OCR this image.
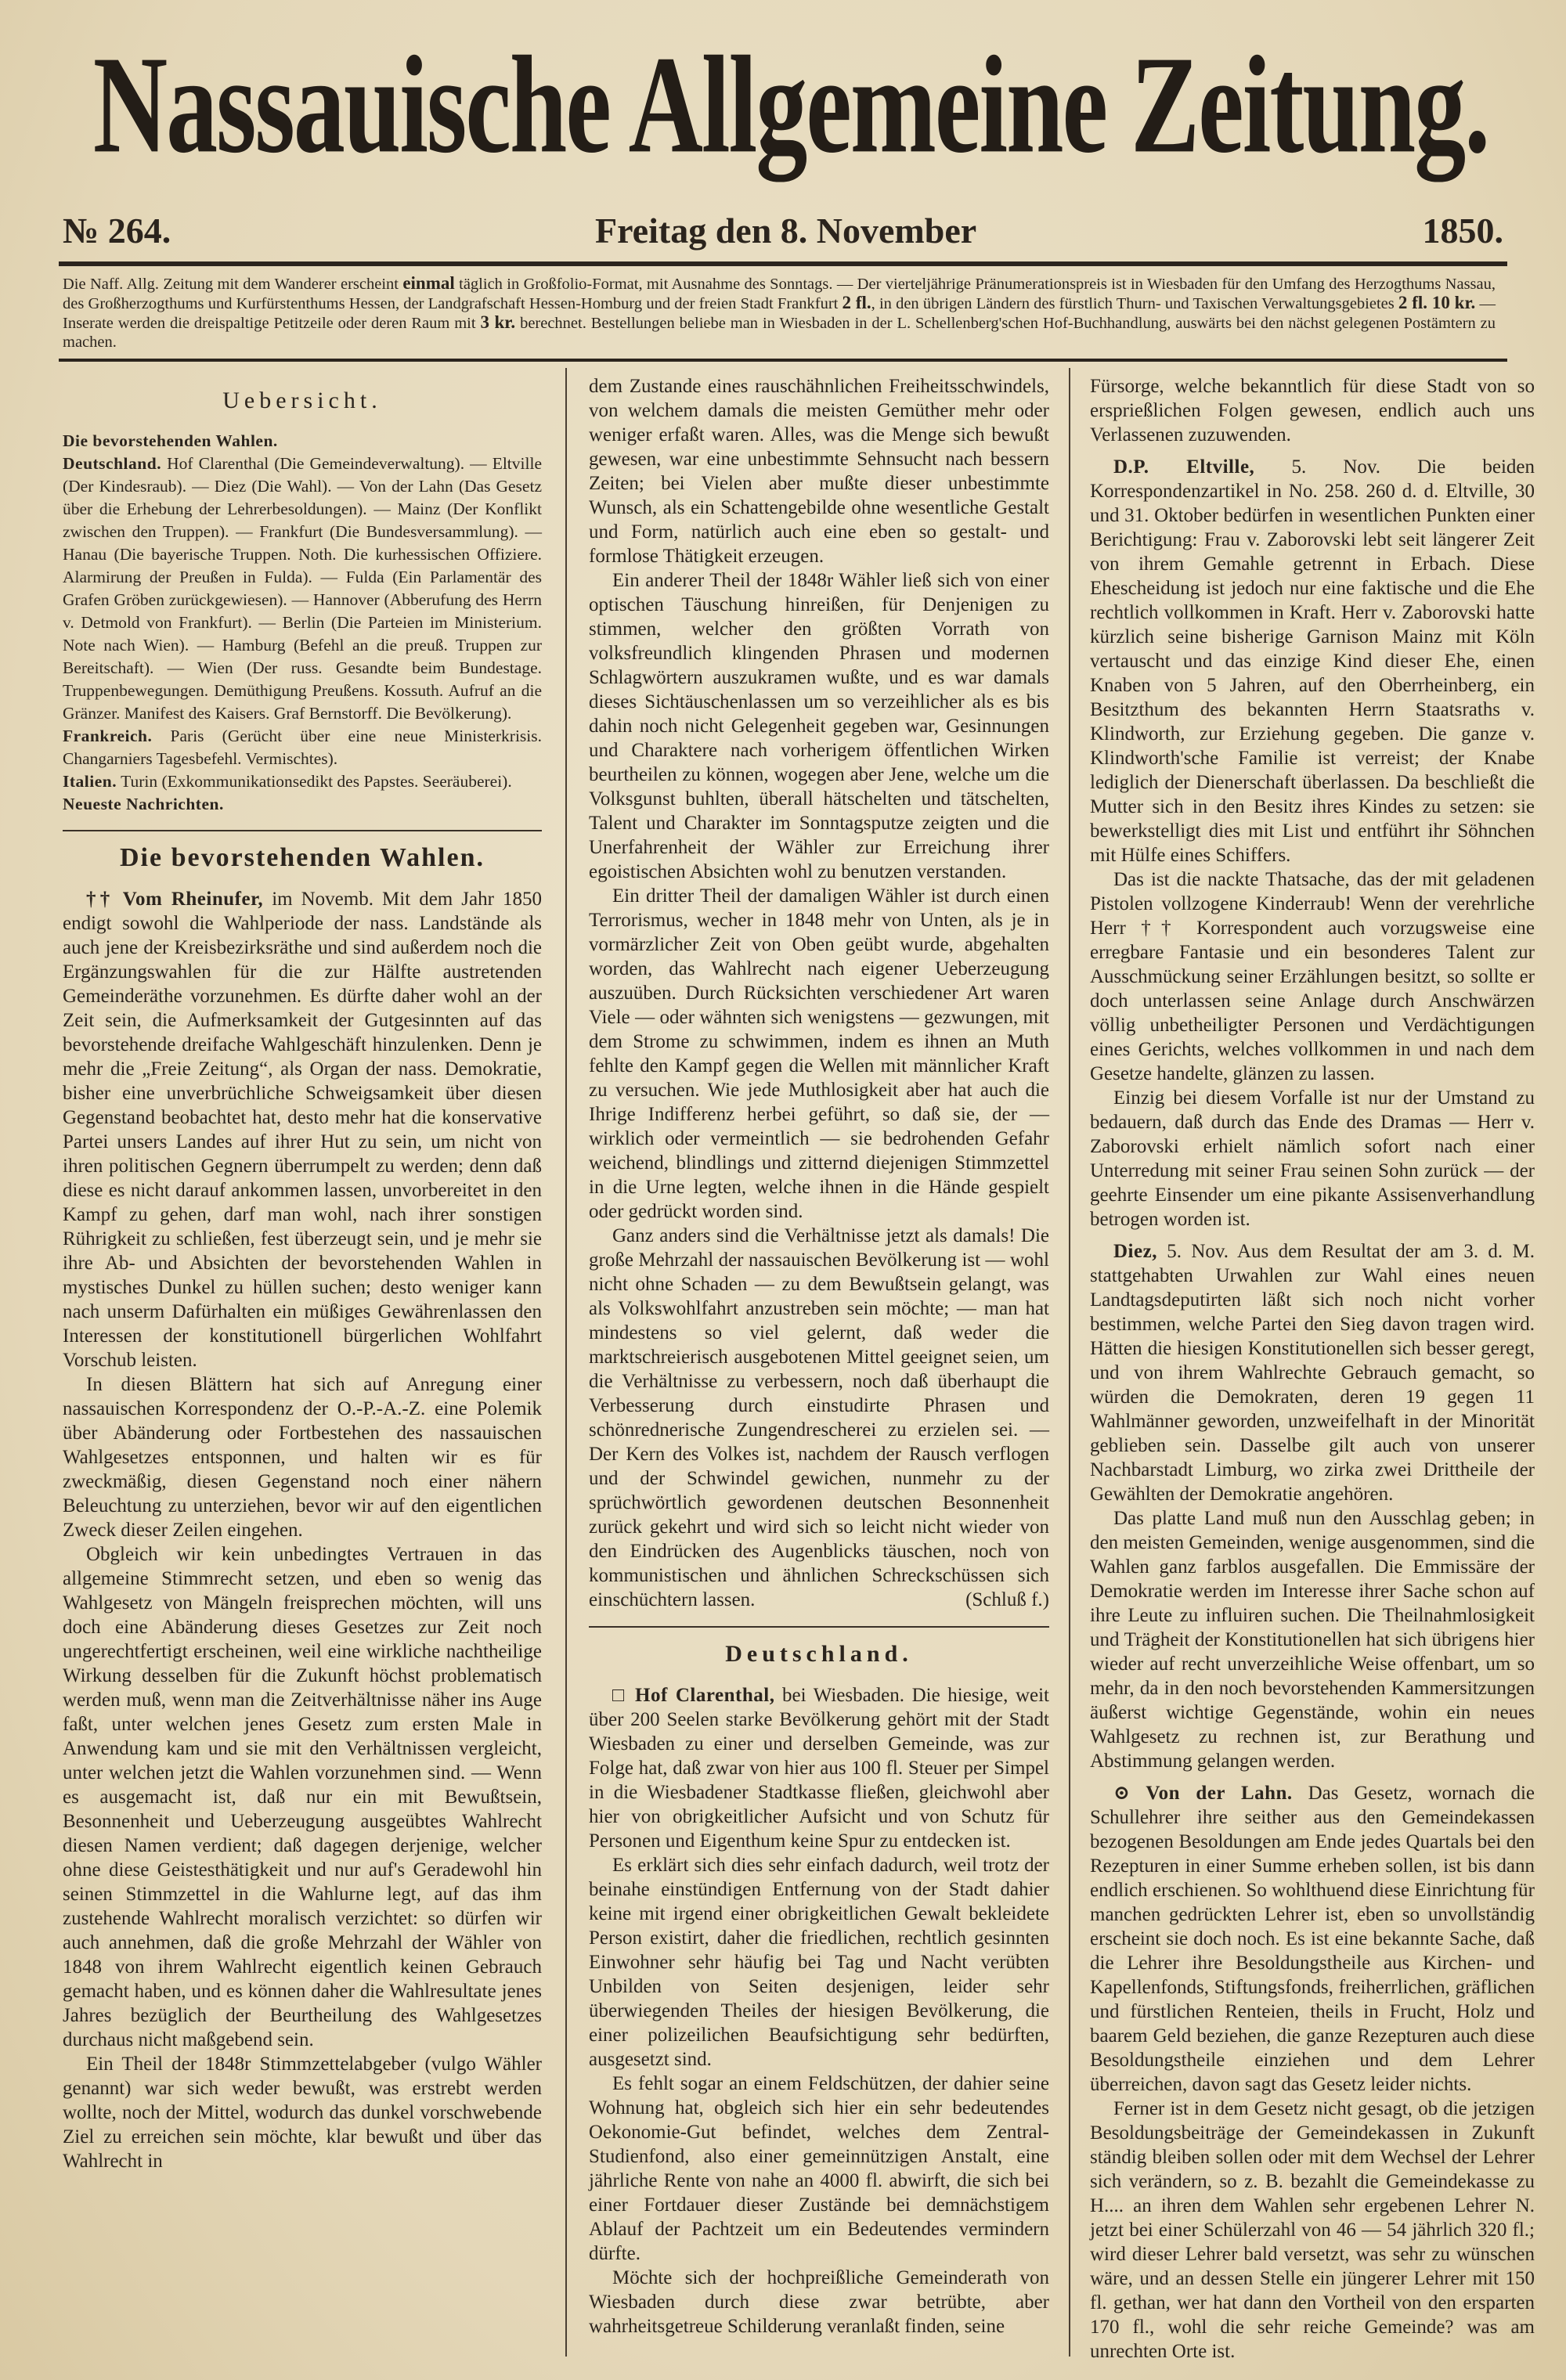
Nassauische Allgemeine Zeitung.
№ 264.	Freitag den 8. November	1850.
Die Naff. Allg. Zeitung mit dem Wanderer erscheint einmal täglich in Großfolio-Format, mit Ausnahme des Sonntags. — Der vierteljährige Pränumerationspreis ist in Wiesbaden für den Umfang des Herzogthums Nassau, des Großherzogthums und Kurfürstenthums Hessen, der Landgrafschaft Hessen-Homburg und der freien Stadt Frankfurt 2 fl., in den übrigen Ländern des fürstlich Thurn- und Taxischen Verwaltungsgebietes 2 fl. 10 kr. — Inserate werden die dreispaltige Petitzeile oder deren Raum mit 3 kr. berechnet. Bestellungen beliebe man in Wiesbaden in der L. Schellenberg'schen Hof-Buchhandlung, auswärts bei den nächst gelegenen Postämtern zu machen.
Uebersicht.

Die bevorstehenden Wahlen.

Deutschland. Hof Clarenthal (Die Gemeindeverwaltung). — Eltville (Der Kindesraub). — Diez (Die Wahl). — Von der Lahn (Das Gesetz über die Erhebung der Lehrerbesoldungen). — Mainz (Der Konflikt zwischen den Truppen). — Frankfurt (Die Bundesversammlung). — Hanau (Die bayerische Truppen. Noth. Die kurhessischen Offiziere. Alarmirung der Preußen in Fulda). — Fulda (Ein Parlamentär des Grafen Gröben zurückgewiesen). — Hannover (Abberufung des Herrn v. Detmold von Frankfurt). — Berlin (Die Parteien im Ministerium. Note nach Wien). — Hamburg (Befehl an die preuß. Truppen zur Bereitschaft). — Wien (Der russ. Gesandte beim Bundestage. Truppenbewegungen. Demüthigung Preußens. Kossuth. Aufruf an die Gränzer. Manifest des Kaisers. Graf Bernstorff. Die Bevölkerung).

Frankreich. Paris (Gerücht über eine neue Ministerkrisis. Changarniers Tagesbefehl. Vermischtes).

Italien. Turin (Exkommunikationsedikt des Papstes. Seeräuberei).

Neueste Nachrichten.

Die bevorstehenden Wahlen.

†† Vom Rheinufer, im Novemb. Mit dem Jahr 1850 endigt sowohl die Wahlperiode der nass. Landstände als auch jene der Kreisbezirksräthe und sind außerdem noch die Ergänzungswahlen für die zur Hälfte austretenden Gemeinderäthe vorzunehmen. Es dürfte daher wohl an der Zeit sein, die Aufmerksamkeit der Gutgesinnten auf das bevorstehende dreifache Wahlgeschäft hinzulenken. Denn je mehr die „Freie Zeitung“, als Organ der nass. Demokratie, bisher eine unverbrüchliche Schweigsamkeit über diesen Gegenstand beobachtet hat, desto mehr hat die konservative Partei unsers Landes auf ihrer Hut zu sein, um nicht von ihren politischen Gegnern überrumpelt zu werden; denn daß diese es nicht darauf ankommen lassen, unvorbereitet in den Kampf zu gehen, darf man wohl, nach ihrer sonstigen Rührigkeit zu schließen, fest überzeugt sein, und je mehr sie ihre Ab- und Absichten der bevorstehenden Wahlen in mystisches Dunkel zu hüllen suchen; desto weniger kann nach unserm Dafürhalten ein müßiges Gewährenlassen den Interessen der konstitutionell bürgerlichen Wohlfahrt Vorschub leisten.

In diesen Blättern hat sich auf Anregung einer nassauischen Korrespondenz der O.-P.-A.-Z. eine Polemik über Abänderung oder Fortbestehen des nassauischen Wahlgesetzes entsponnen, und halten wir es für zweckmäßig, diesen Gegenstand noch einer nähern Beleuchtung zu unterziehen, bevor wir auf den eigentlichen Zweck dieser Zeilen eingehen.

Obgleich wir kein unbedingtes Vertrauen in das allgemeine Stimmrecht setzen, und eben so wenig das Wahlgesetz von Mängeln freisprechen möchten, will uns doch eine Abänderung dieses Gesetzes zur Zeit noch ungerechtfertigt erscheinen, weil eine wirkliche nachtheilige Wirkung desselben für die Zukunft höchst problematisch werden muß, wenn man die Zeitverhältnisse näher ins Auge faßt, unter welchen jenes Gesetz zum ersten Male in Anwendung kam und sie mit den Verhältnissen vergleicht, unter welchen jetzt die Wahlen vorzunehmen sind. — Wenn es ausgemacht ist, daß nur ein mit Bewußtsein, Besonnenheit und Ueberzeugung ausgeübtes Wahlrecht diesen Namen verdient; daß dagegen derjenige, welcher ohne diese Geistesthätigkeit und nur auf's Geradewohl hin seinen Stimmzettel in die Wahlurne legt, auf das ihm zustehende Wahlrecht moralisch verzichtet: so dürfen wir auch annehmen, daß die große Mehrzahl der Wähler von 1848 von ihrem Wahlrecht eigentlich keinen Gebrauch gemacht haben, und es können daher die Wahlresultate jenes Jahres bezüglich der Beurtheilung des Wahlgesetzes durchaus nicht maßgebend sein.

Ein Theil der 1848r Stimmzettelabgeber (vulgo Wähler genannt) war sich weder bewußt, was erstrebt werden wollte, noch der Mittel, wodurch das dunkel vorschwebende Ziel zu erreichen sein möchte, klar bewußt und über das Wahlrecht in

dem Zustande eines rauschähnlichen Freiheitsschwindels, von welchem damals die meisten Gemüther mehr oder weniger erfaßt waren. Alles, was die Menge sich bewußt gewesen, war eine unbestimmte Sehnsucht nach bessern Zeiten; bei Vielen aber mußte dieser unbestimmte Wunsch, als ein Schattengebilde ohne wesentliche Gestalt und Form, natürlich auch eine eben so gestalt- und formlose Thätigkeit erzeugen.

Ein anderer Theil der 1848r Wähler ließ sich von einer optischen Täuschung hinreißen, für Denjenigen zu stimmen, welcher den größten Vorrath von volksfreundlich klingenden Phrasen und modernen Schlagwörtern auszukramen wußte, und es war damals dieses Sichtäuschenlassen um so verzeihlicher als es bis dahin noch nicht Gelegenheit gegeben war, Gesinnungen und Charaktere nach vorherigem öffentlichen Wirken beurtheilen zu können, wogegen aber Jene, welche um die Volksgunst buhlten, überall hätschelten und tätschelten, Talent und Charakter im Sonntagsputze zeigten und die Unerfahrenheit der Wähler zur Erreichung ihrer egoistischen Absichten wohl zu benutzen verstanden.

Ein dritter Theil der damaligen Wähler ist durch einen Terrorismus, wecher in 1848 mehr von Unten, als je in vormärzlicher Zeit von Oben geübt wurde, abgehalten worden, das Wahlrecht nach eigener Ueberzeugung auszuüben. Durch Rücksichten verschiedener Art waren Viele — oder wähnten sich wenigstens — gezwungen, mit dem Strome zu schwimmen, indem es ihnen an Muth fehlte den Kampf gegen die Wellen mit männlicher Kraft zu versuchen. Wie jede Muthlosigkeit aber hat auch die Ihrige Indifferenz herbei geführt, so daß sie, der — wirklich oder vermeintlich — sie bedrohenden Gefahr weichend, blindlings und zitternd diejenigen Stimmzettel in die Urne legten, welche ihnen in die Hände gespielt oder gedrückt worden sind.

Ganz anders sind die Verhältnisse jetzt als damals! Die große Mehrzahl der nassauischen Bevölkerung ist — wohl nicht ohne Schaden — zu dem Bewußtsein gelangt, was als Volkswohlfahrt anzustreben sein möchte; — man hat mindestens so viel gelernt, daß weder die marktschreierisch ausgebotenen Mittel geeignet seien, um die Verhältnisse zu verbessern, noch daß überhaupt die Verbesserung durch einstudirte Phrasen und schönrednerische Zungendrescherei zu erzielen sei. — Der Kern des Volkes ist, nachdem der Rausch verflogen und der Schwindel gewichen, nunmehr zu der sprüchwörtlich gewordenen deutschen Besonnenheit zurück gekehrt und wird sich so leicht nicht wieder von den Eindrücken des Augenblicks täuschen, noch von kommunistischen und ähnlichen Schreckschüssen sich einschüchtern lassen.	(Schluß f.)

Deutschland.

□ Hof Clarenthal, bei Wiesbaden. Die hiesige, weit über 200 Seelen starke Bevölkerung gehört mit der Stadt Wiesbaden zu einer und derselben Gemeinde, was zur Folge hat, daß zwar von hier aus 100 fl. Steuer per Simpel in die Wiesbadener Stadtkasse fließen, gleichwohl aber hier von obrigkeitlicher Aufsicht und von Schutz für Personen und Eigenthum keine Spur zu entdecken ist.

Es erklärt sich dies sehr einfach dadurch, weil trotz der beinahe einstündigen Entfernung von der Stadt dahier keine mit irgend einer obrigkeitlichen Gewalt bekleidete Person existirt, daher die friedlichen, rechtlich gesinnten Einwohner sehr häufig bei Tag und Nacht verübten Unbilden von Seiten desjenigen, leider sehr überwiegenden Theiles der hiesigen Bevölkerung, die einer polizeilichen Beaufsichtigung sehr bedürften, ausgesetzt sind.

Es fehlt sogar an einem Feldschützen, der dahier seine Wohnung hat, obgleich sich hier ein sehr bedeutendes Oekonomie-Gut befindet, welches dem Zentral-Studienfond, also einer gemeinnützigen Anstalt, eine jährliche Rente von nahe an 4000 fl. abwirft, die sich bei einer Fortdauer dieser Zustände bei demnächstigem Ablauf der Pachtzeit um ein Bedeutendes vermindern dürfte.

Möchte sich der hochpreißliche Gemeinderath von Wiesbaden durch diese zwar betrübte, aber wahrheitsgetreue Schilderung veranlaßt finden, seine

Fürsorge, welche bekanntlich für diese Stadt von so ersprießlichen Folgen gewesen, endlich auch uns Verlassenen zuzuwenden.

D.P. Eltville, 5. Nov. Die beiden Korrespondenzartikel in No. 258. 260 d. d. Eltville, 30 und 31. Oktober bedürfen in wesentlichen Punkten einer Berichtigung: Frau v. Zaborovski lebt seit längerer Zeit von ihrem Gemahle getrennt in Erbach. Diese Ehescheidung ist jedoch nur eine faktische und die Ehe rechtlich vollkommen in Kraft. Herr v. Zaborovski hatte kürzlich seine bisherige Garnison Mainz mit Köln vertauscht und das einzige Kind dieser Ehe, einen Knaben von 5 Jahren, auf den Oberrheinberg, ein Besitzthum des bekannten Herrn Staatsraths v. Klindworth, zur Erziehung gegeben. Die ganze v. Klindworth'sche Familie ist verreist; der Knabe lediglich der Dienerschaft überlassen. Da beschließt die Mutter sich in den Besitz ihres Kindes zu setzen: sie bewerkstelligt dies mit List und entführt ihr Söhnchen mit Hülfe eines Schiffers.

Das ist die nackte Thatsache, das der mit geladenen Pistolen vollzogene Kinderraub! Wenn der verehrliche Herr †† Korrespondent auch vorzugsweise eine erregbare Fantasie und ein besonderes Talent zur Ausschmückung seiner Erzählungen besitzt, so sollte er doch unterlassen seine Anlage durch Anschwärzen völlig unbetheiligter Personen und Verdächtigungen eines Gerichts, welches vollkommen in und nach dem Gesetze handelte, glänzen zu lassen.

Einzig bei diesem Vorfalle ist nur der Umstand zu bedauern, daß durch das Ende des Dramas — Herr v. Zaborovski erhielt nämlich sofort nach einer Unterredung mit seiner Frau seinen Sohn zurück — der geehrte Einsender um eine pikante Assisenverhandlung betrogen worden ist.

Diez, 5. Nov. Aus dem Resultat der am 3. d. M. stattgehabten Urwahlen zur Wahl eines neuen Landtagsdeputirten läßt sich noch nicht vorher bestimmen, welche Partei den Sieg davon tragen wird. Hätten die hiesigen Konstitutionellen sich besser geregt, und von ihrem Wahlrechte Gebrauch gemacht, so würden die Demokraten, deren 19 gegen 11 Wahlmänner geworden, unzweifelhaft in der Minorität geblieben sein. Dasselbe gilt auch von unserer Nachbarstadt Limburg, wo zirka zwei Drittheile der Gewählten der Demokratie angehören.

Das platte Land muß nun den Ausschlag geben; in den meisten Gemeinden, wenige ausgenommen, sind die Wahlen ganz farblos ausgefallen. Die Emmissäre der Demokratie werden im Interesse ihrer Sache schon auf ihre Leute zu influiren suchen. Die Theilnahmlosigkeit und Trägheit der Konstitutionellen hat sich übrigens hier wieder auf recht unverzeihliche Weise offenbart, um so mehr, da in den noch bevorstehenden Kammersitzungen äußerst wichtige Gegenstände, wohin ein neues Wahlgesetz zu rechnen ist, zur Berathung und Abstimmung gelangen werden.

⊙ Von der Lahn. Das Gesetz, wornach die Schullehrer ihre seither aus den Gemeindekassen bezogenen Besoldungen am Ende jedes Quartals bei den Rezepturen in einer Summe erheben sollen, ist bis dann endlich erschienen. So wohlthuend diese Einrichtung für manchen gedrückten Lehrer ist, eben so unvollständig erscheint sie doch noch. Es ist eine bekannte Sache, daß die Lehrer ihre Besoldungstheile aus Kirchen- und Kapellenfonds, Stiftungsfonds, freiherrlichen, gräflichen und fürstlichen Renteien, theils in Frucht, Holz und baarem Geld beziehen, die ganze Rezepturen auch diese Besoldungstheile einziehen und dem Lehrer überreichen, davon sagt das Gesetz leider nichts.

Ferner ist in dem Gesetz nicht gesagt, ob die jetzigen Besoldungsbeiträge der Gemeindekassen in Zukunft ständig bleiben sollen oder mit dem Wechsel der Lehrer sich verändern, so z. B. bezahlt die Gemeindekasse zu H.... an ihren dem Wahlen sehr ergebenen Lehrer N. jetzt bei einer Schülerzahl von 46 — 54 jährlich 320 fl.; wird dieser Lehrer bald versetzt, was sehr zu wünschen wäre, und an dessen Stelle ein jüngerer Lehrer mit 150 fl. gethan, wer hat dann den Vortheil von den ersparten 170 fl., wohl die sehr reiche Gemeinde? was am unrechten Orte ist.
